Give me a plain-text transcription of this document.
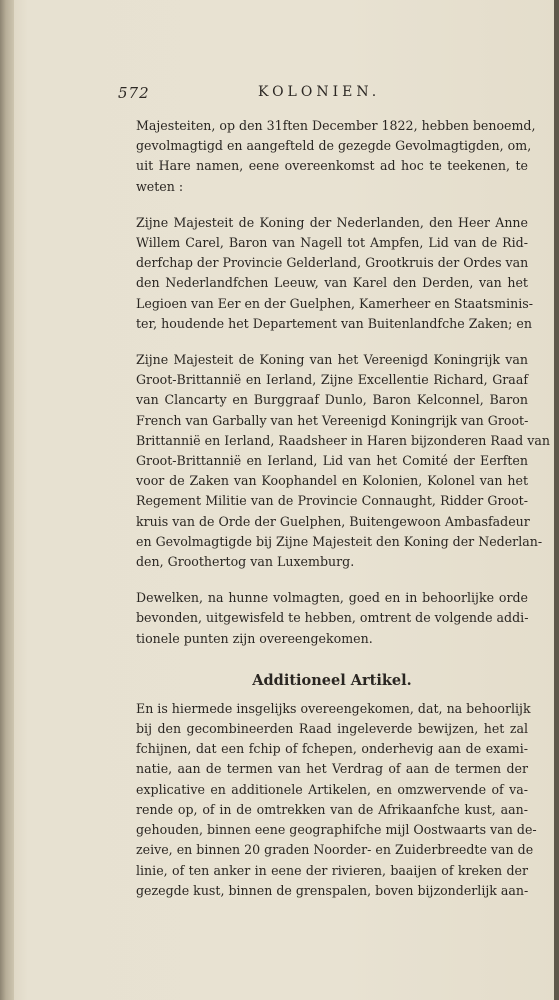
572	KOLONIEN.

Majesteiten, op den 31ften December 1822, hebben benoemd,
gevolmagtigd en aangefteld de gezegde Gevolmagtigden, om,
uit Hare namen, eene overeenkomst ad hoc te teekenen, te
weten :

Zijne Majesteit de Koning der Nederlanden, den Heer Anne
Willem Carel, Baron van Nagell tot Ampfen, Lid van de Rid-
derfchap der Provincie Gelderland, Grootkruis der Ordes van
den Nederlandfchen Leeuw, van Karel den Derden, van het
Legioen van Eer en der Guelphen, Kamerheer en Staatsminis-
ter, houdende het Departement van Buitenlandfche Zaken; en

Zijne Majesteit de Koning van het Vereenigd Koningrijk van
Groot-Brittannië en Ierland, Zijne Excellentie Richard, Graaf
van Clancarty en Burggraaf Dunlo, Baron Kelconnel, Baron
French van Garbally van het Vereenigd Koningrijk van Groot-
Brittannië en Ierland, Raadsheer in Haren bijzonderen Raad van
Groot-Brittannië en Ierland, Lid van het Comité der Eerften
voor de Zaken van Koophandel en Kolonien, Kolonel van het
Regement Militie van de Provincie Connaught, Ridder Groot-
kruis van de Orde der Guelphen, Buitengewoon Ambasfadeur
en Gevolmagtigde bij Zijne Majesteit den Koning der Nederlan-
den, Groothertog van Luxemburg.

Dewelken, na hunne volmagten, goed en in behoorlijke orde
bevonden, uitgewisfeld te hebben, omtrent de volgende addi-
tionele punten zijn overeengekomen.

Additioneel Artikel.

En is hiermede insgelijks overeengekomen, dat, na behoorlijk
bij den gecombineerden Raad ingeleverde bewijzen, het zal
fchijnen, dat een fchip of fchepen, onderhevig aan de exami-
natie, aan de termen van het Verdrag of aan de termen der
explicative en additionele Artikelen, en omzwervende of va-
rende op, of in de omtrekken van de Afrikaanfche kust, aan-
gehouden, binnen eene geographifche mijl Oostwaarts van de-
zeive, en binnen 20 graden Noorder- en Zuiderbreedte van de
linie, of ten anker in eene der rivieren, baaijen of kreken der
gezegde kust, binnen de grenspalen, boven bijzonderlijk aan-
